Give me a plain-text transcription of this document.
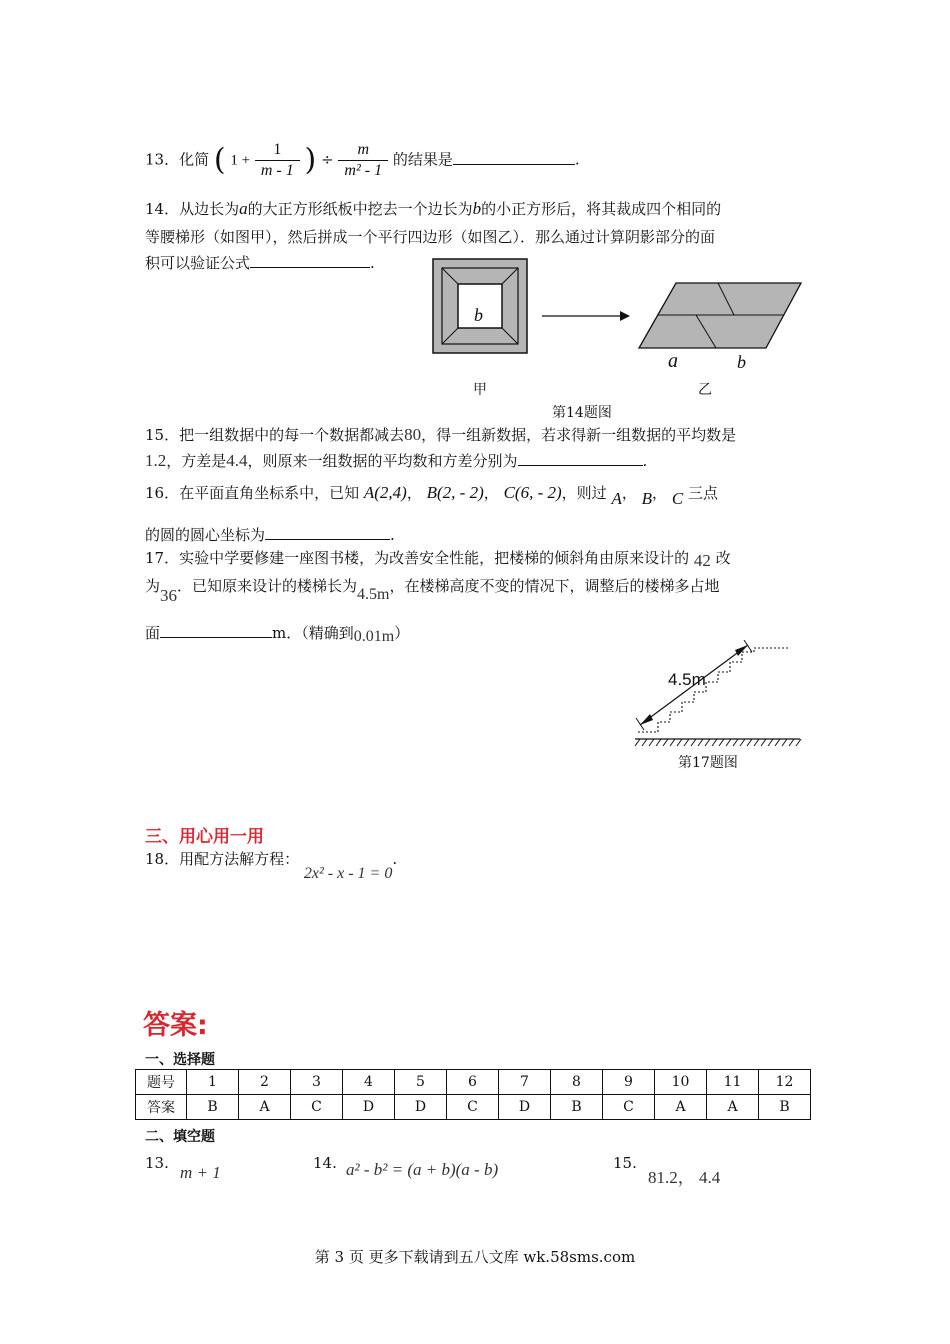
13．化简 ( $1 + \frac{1}{m - 1}$ ) ÷ $\frac{m}{\text{m² - 1}}$ 的结果是	.
14．从边长为a的大正方形纸板中挖去一个边长为b的小正方形后，将其裁成四个相同的
等腰梯形（如图甲），然后拼成一个平行四边形（如图乙）．那么通过计算阴影部分的面
积可以验证公式	.
b
a	b
甲	乙
第14题图
15．把一组数据中的每一个数据都减去80，得一组新数据，若求得新一组数据的平均数是
1.2，方差是4.4，则原来一组数据的平均数和方差分别为	.
16．在平面直角坐标系中，已知 A(2,4)， B(2, - 2)， C(6, - 2)，则过 A， B， C 三点
的圆的圆心坐标为	.
17．实验中学要修建一座图书楼，为改善安全性能，把楼梯的倾斜角由原来设计的 42 改
为36．已知原来设计的楼梯长为4.5m，在楼梯高度不变的情况下，调整后的楼梯多占地
面	m．（精确到0.01m）
4.5m
第17题图
三、用心用一用
18．用配方法解方程： 2x² - x - 1 = 0.
答案:
一、选择题
题号	1	2	3	4	5	6	7	8	9	10	11	12
答案	B	A	C	D	D	C	D	B	C	A	A	B
二、填空题
13. m + 1	14. a² - b² = (a + b)(a - b)	15.
81.2， 4.4
第 3 页 更多下载请到五八文库 wk.58sms.com
